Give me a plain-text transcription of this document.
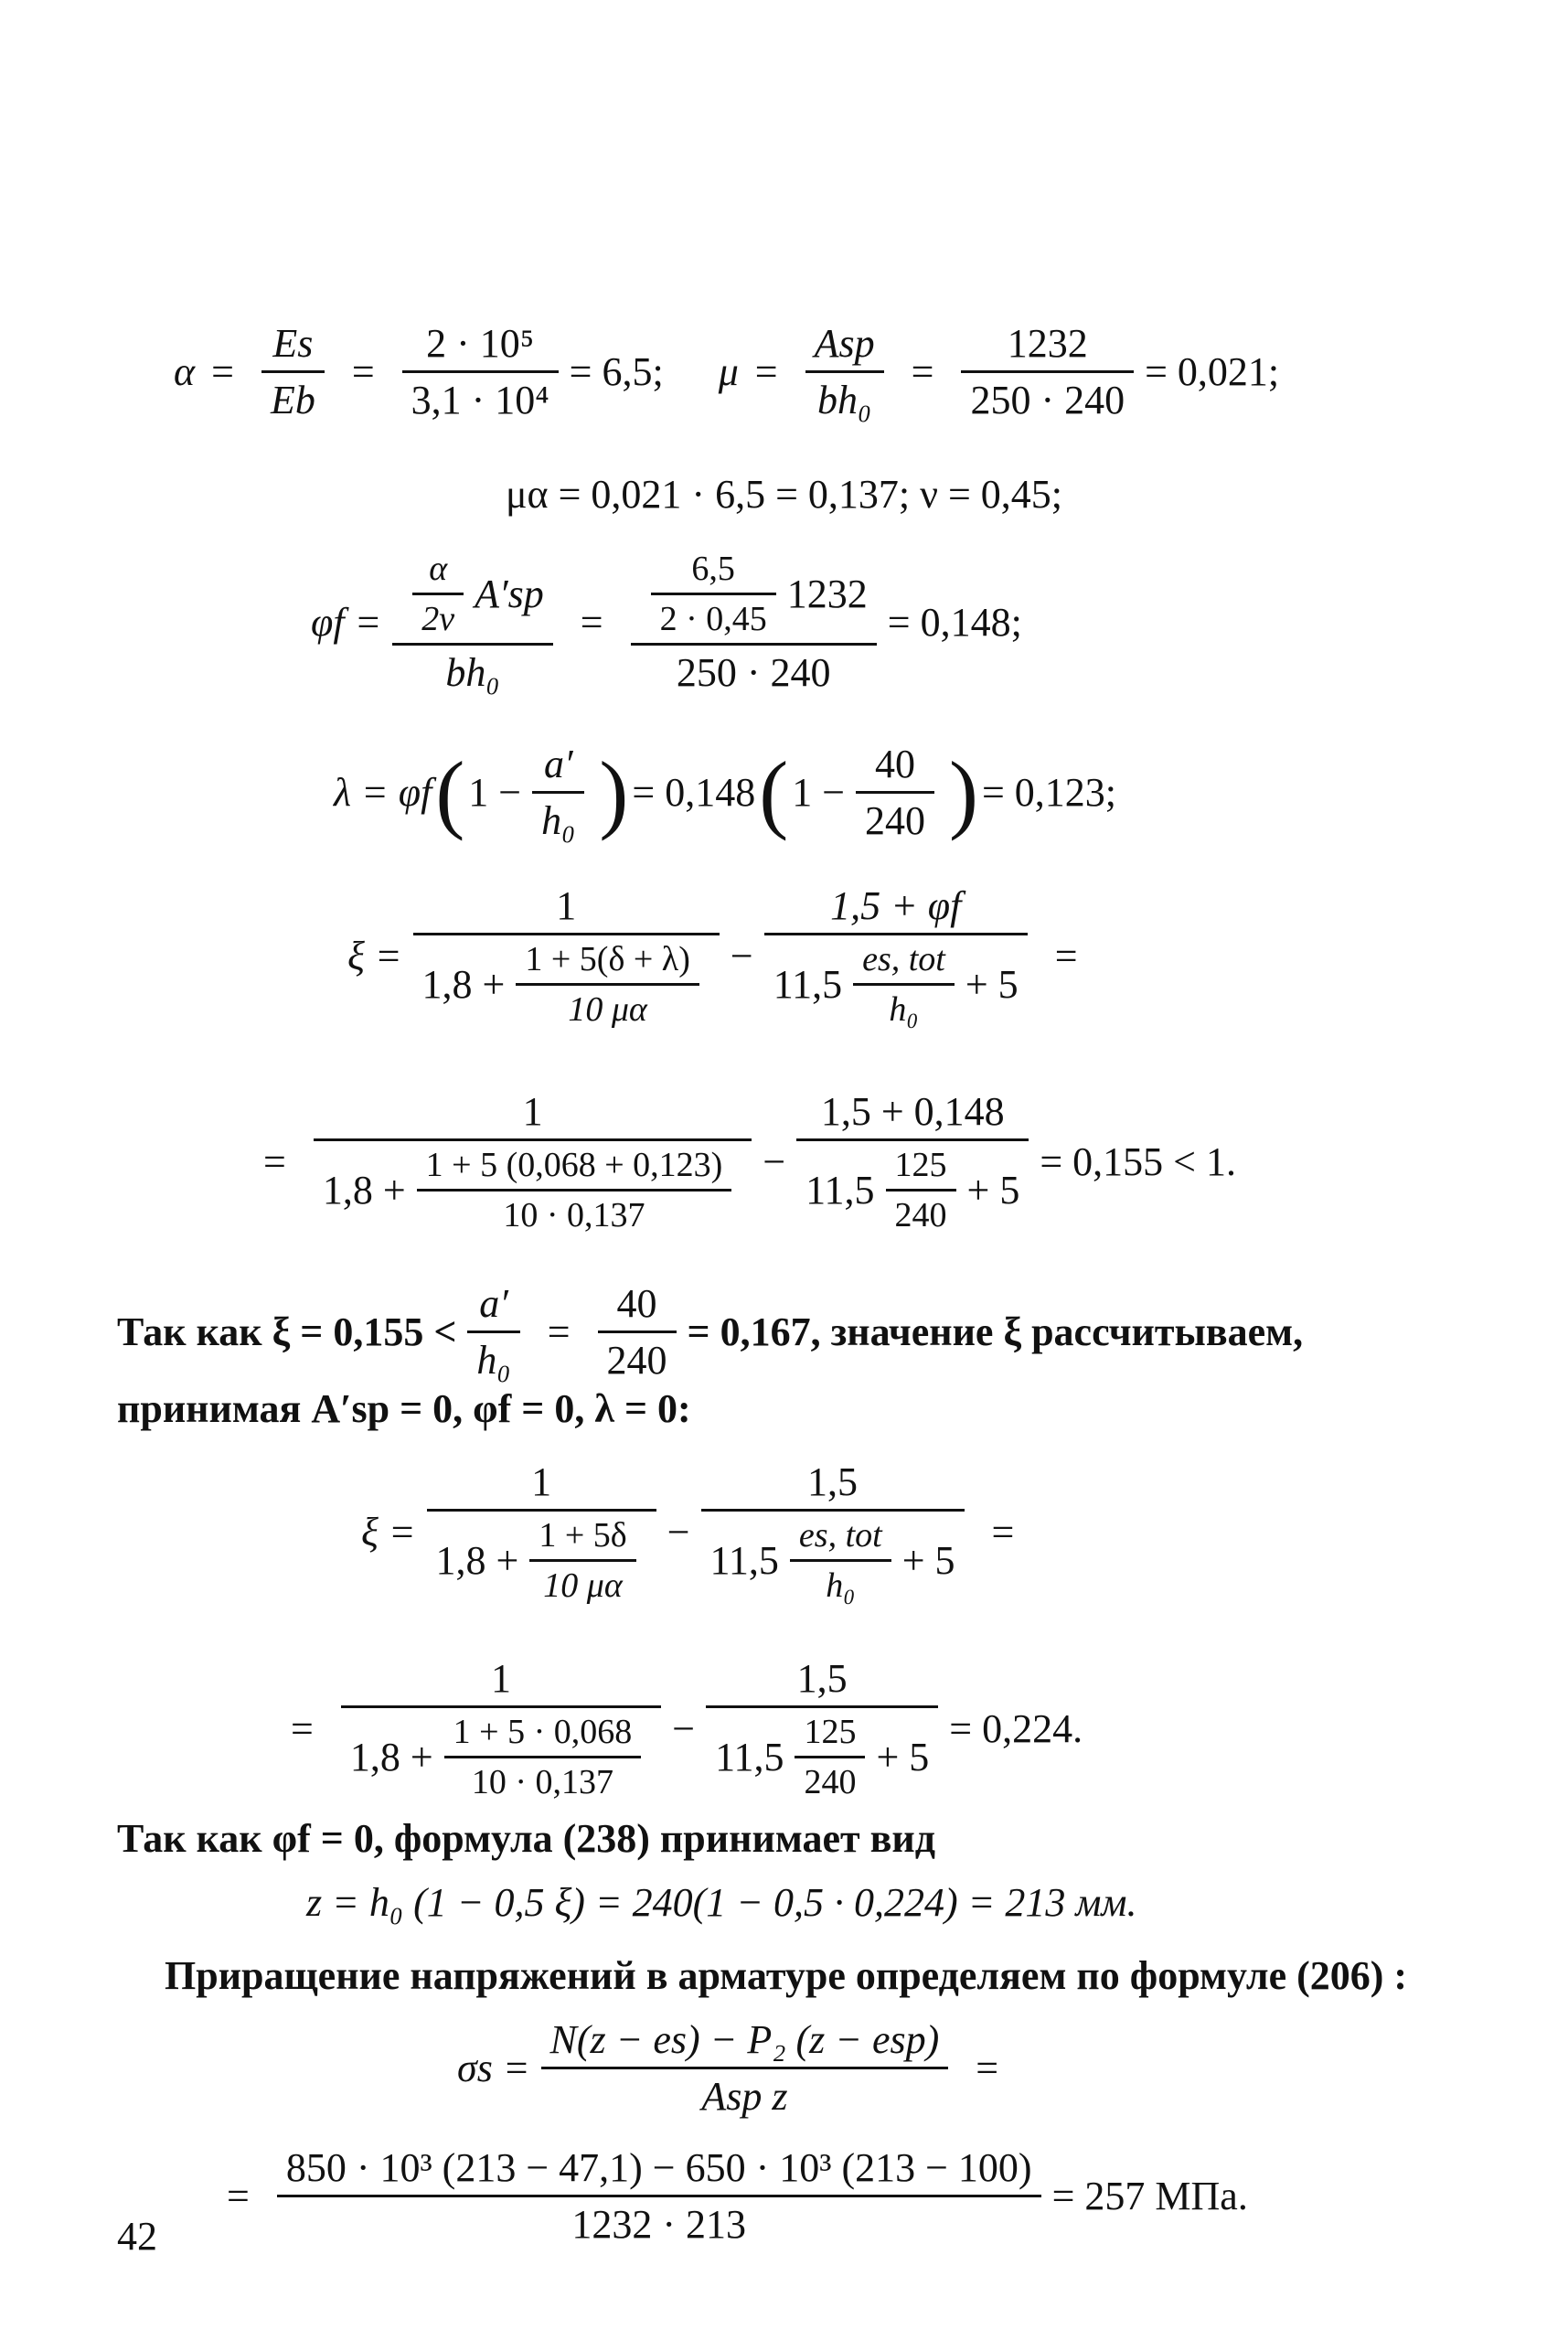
$\alpha = \frac{Es}{Eb} = \frac{\text{2 · 10⁵}}{\text{3,1 · 10⁴}} = 6,5$; $\mu = \frac{\text{Asp}}{\text{bh₀}} = \frac{1232}{250 \cdot 240} = 0,021$;
μα = 0,021 · 6,5 = 0,137; ν = 0,45;
$\varphi f = \frac{\frac{\alpha}{2\nu} A'sp}{\text{bh₀}} = \frac{\frac{6,5}{2 \cdot 0,45} 1232}{250 \cdot 240} = 0,148$;
λ = φf ( $1 - \frac{a'}{\text{h₀}}$ ) = 0,148 ( $1 - \frac{40}{240}$ ) = 0,123;
$\xi = \frac{1}{1,8 + \frac{1 + 5(\delta + \lambda)}{10 \mu\alpha}} - \frac{1,5 + \varphi f}{11,5 \frac{\text{es, tot}}{\text{h₀}} + 5}$ =
= $\frac{1}{1,8 + \frac{1 + 5 (0,068 + 0,123)}{10 \cdot 0,137}} - \frac{1,5 + 0,148}{11,5 \frac{125}{240} + 5} = 0,155 < 1$.
Так как $\xi = 0,155 < \frac{a'}{\text{h₀}} = \frac{40}{240} = 0,167$, значение ξ рассчитываем,
принимая A′sp = 0, φf = 0, λ = 0:
$\xi = \frac{1}{1,8 + \frac{1 + 5\delta}{10 \mu\alpha}} - \frac{1,5}{11,5 \frac{\text{es, tot}}{\text{h₀}} + 5}$ =
= $\frac{1}{1,8 + \frac{1 + 5 \cdot 0,068}{10 \cdot 0,137}} - \frac{1,5}{11,5 \frac{125}{240} + 5} = 0,224$.
Так как φf = 0, формула (238) принимает вид
z = h₀ (1 − 0,5 ξ) = 240(1 − 0,5 · 0,224) = 213 мм.
Приращение напряжений в арматуре определяем по формуле (206) :
$\sigma s = \frac{\text{N(z − es) − P₂ (z − esp)}}{\text{Asp z}}$ =
= $\frac{\text{850 · 10³ (213 − 47,1) − 650 · 10³ (213 − 100)}}{1232 \cdot 213} = 257$ МПа.
42
